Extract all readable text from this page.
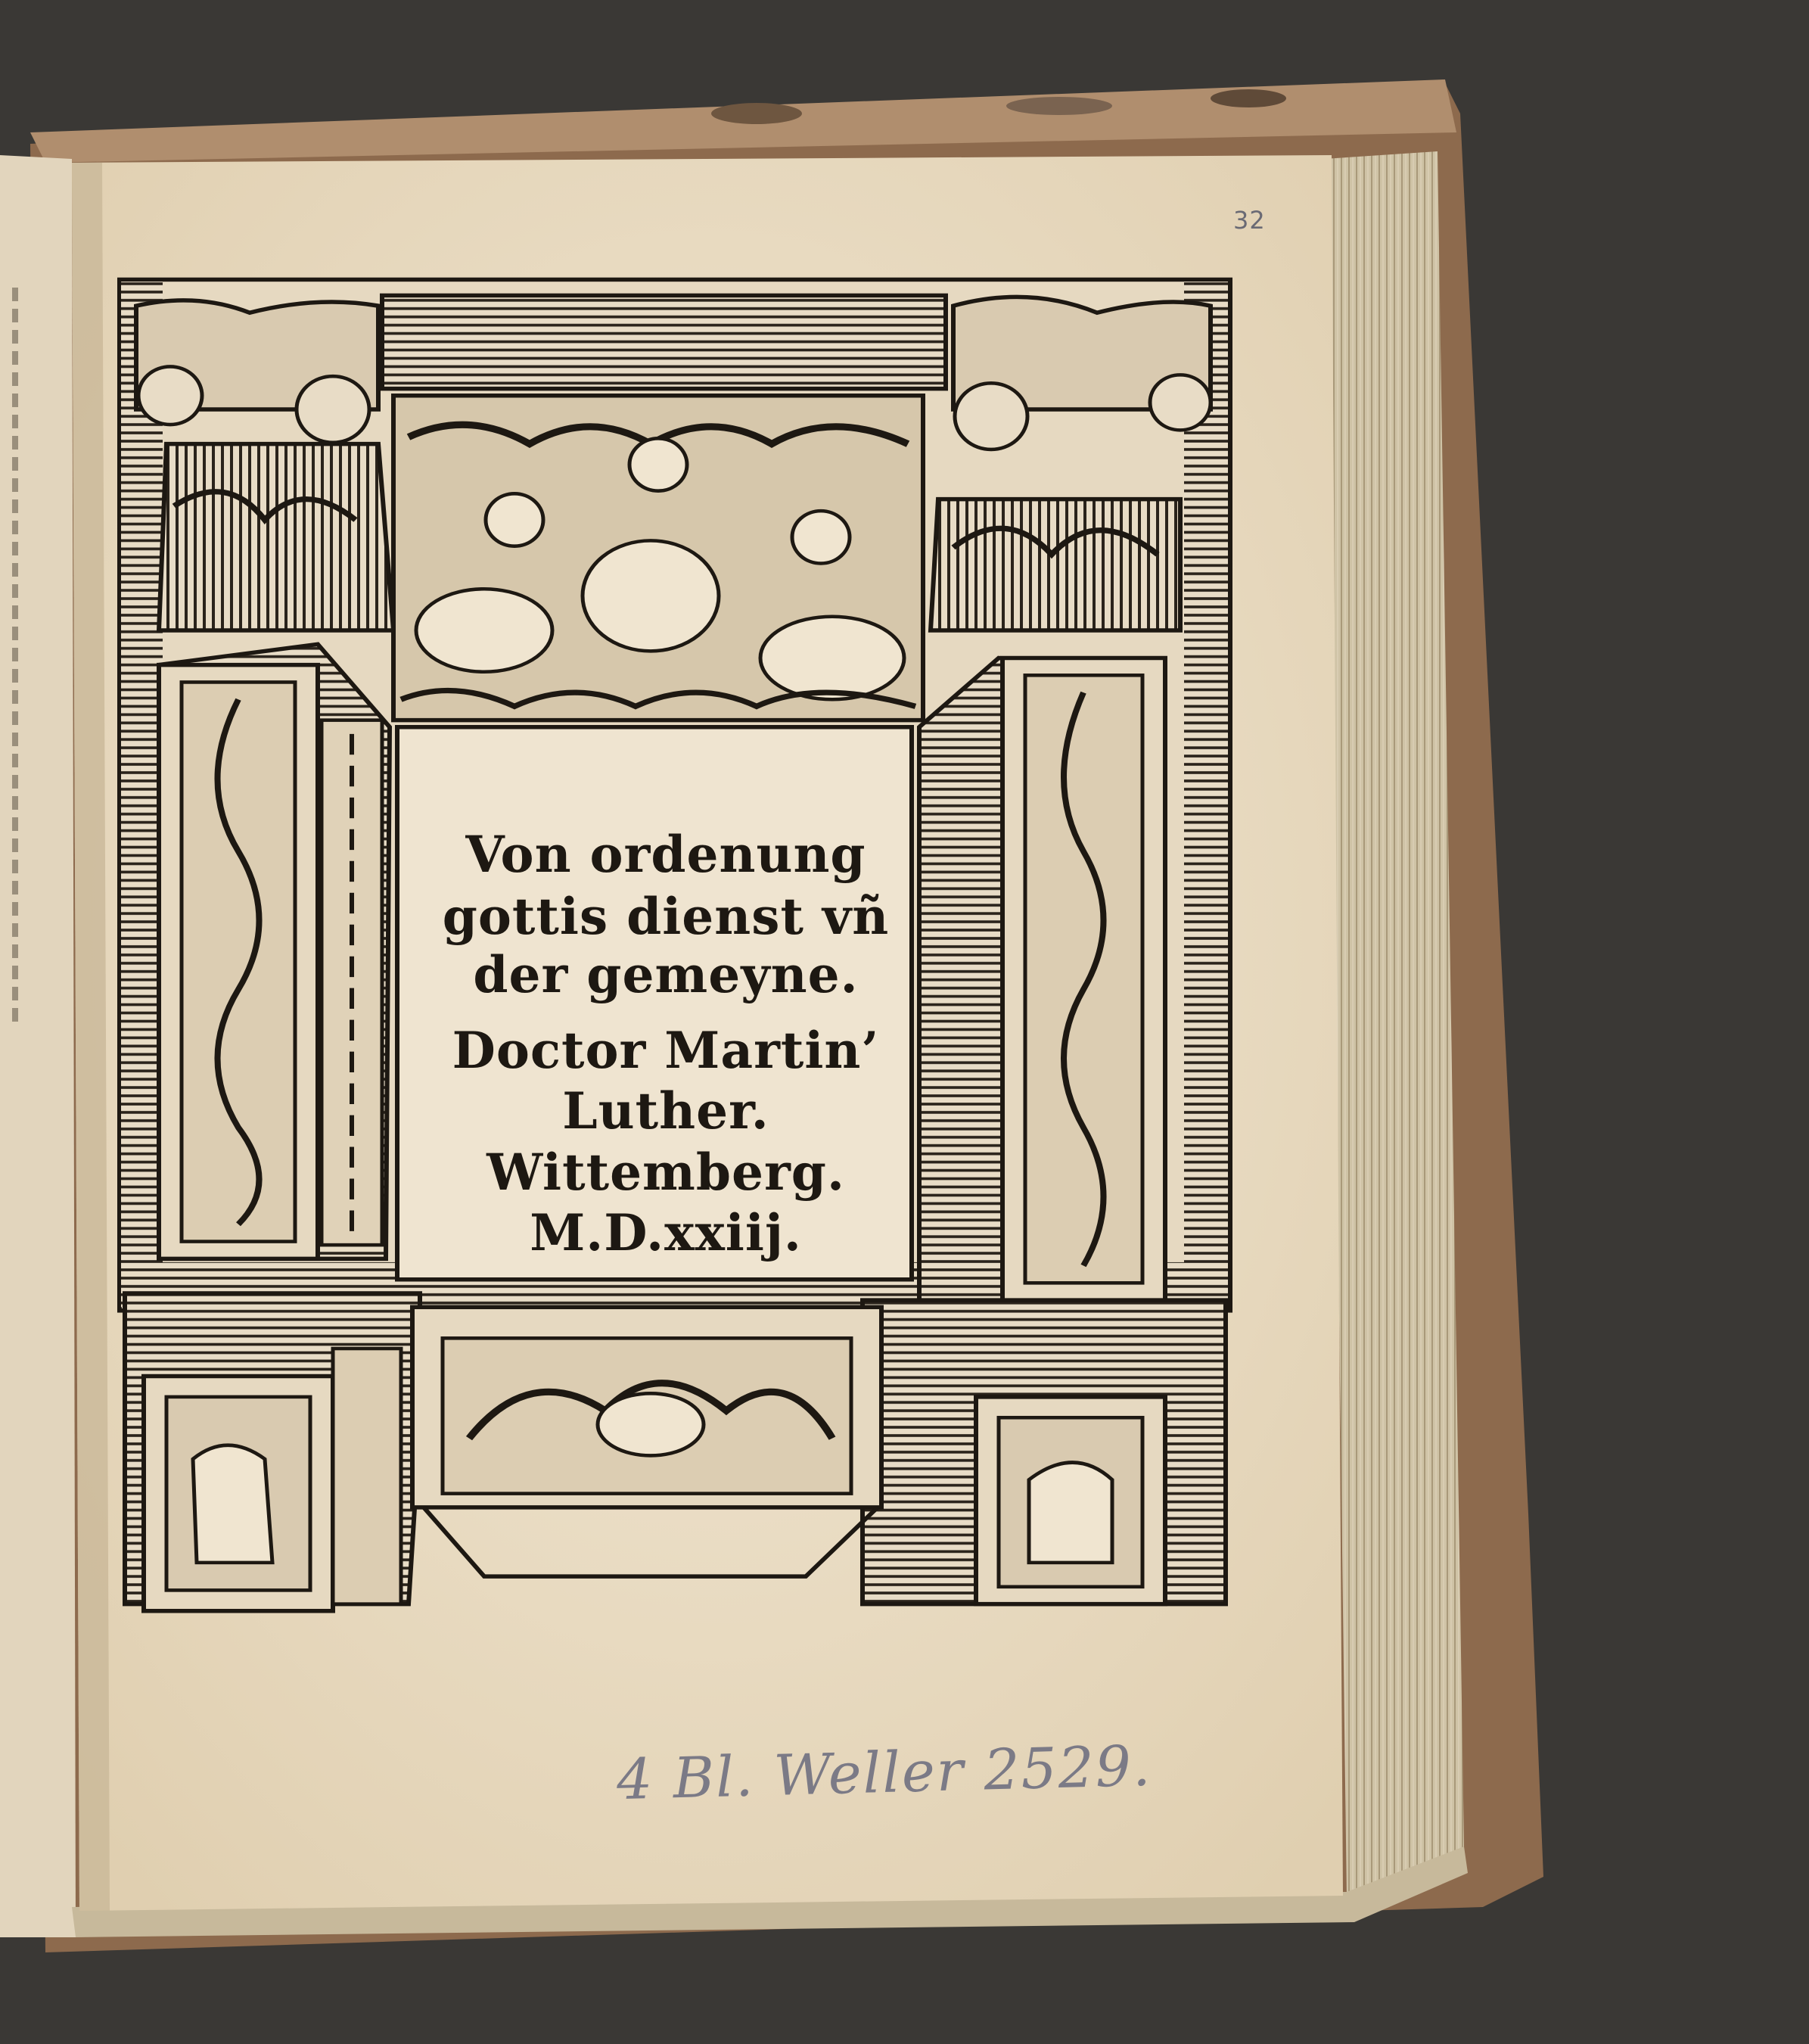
32
Von ordenung
gottis dienst vñ
der gemeyne.
Doctor Martin’
Luther.
Wittemberg.
M.D.xxiij.
4 Bl. Weller 2529.
